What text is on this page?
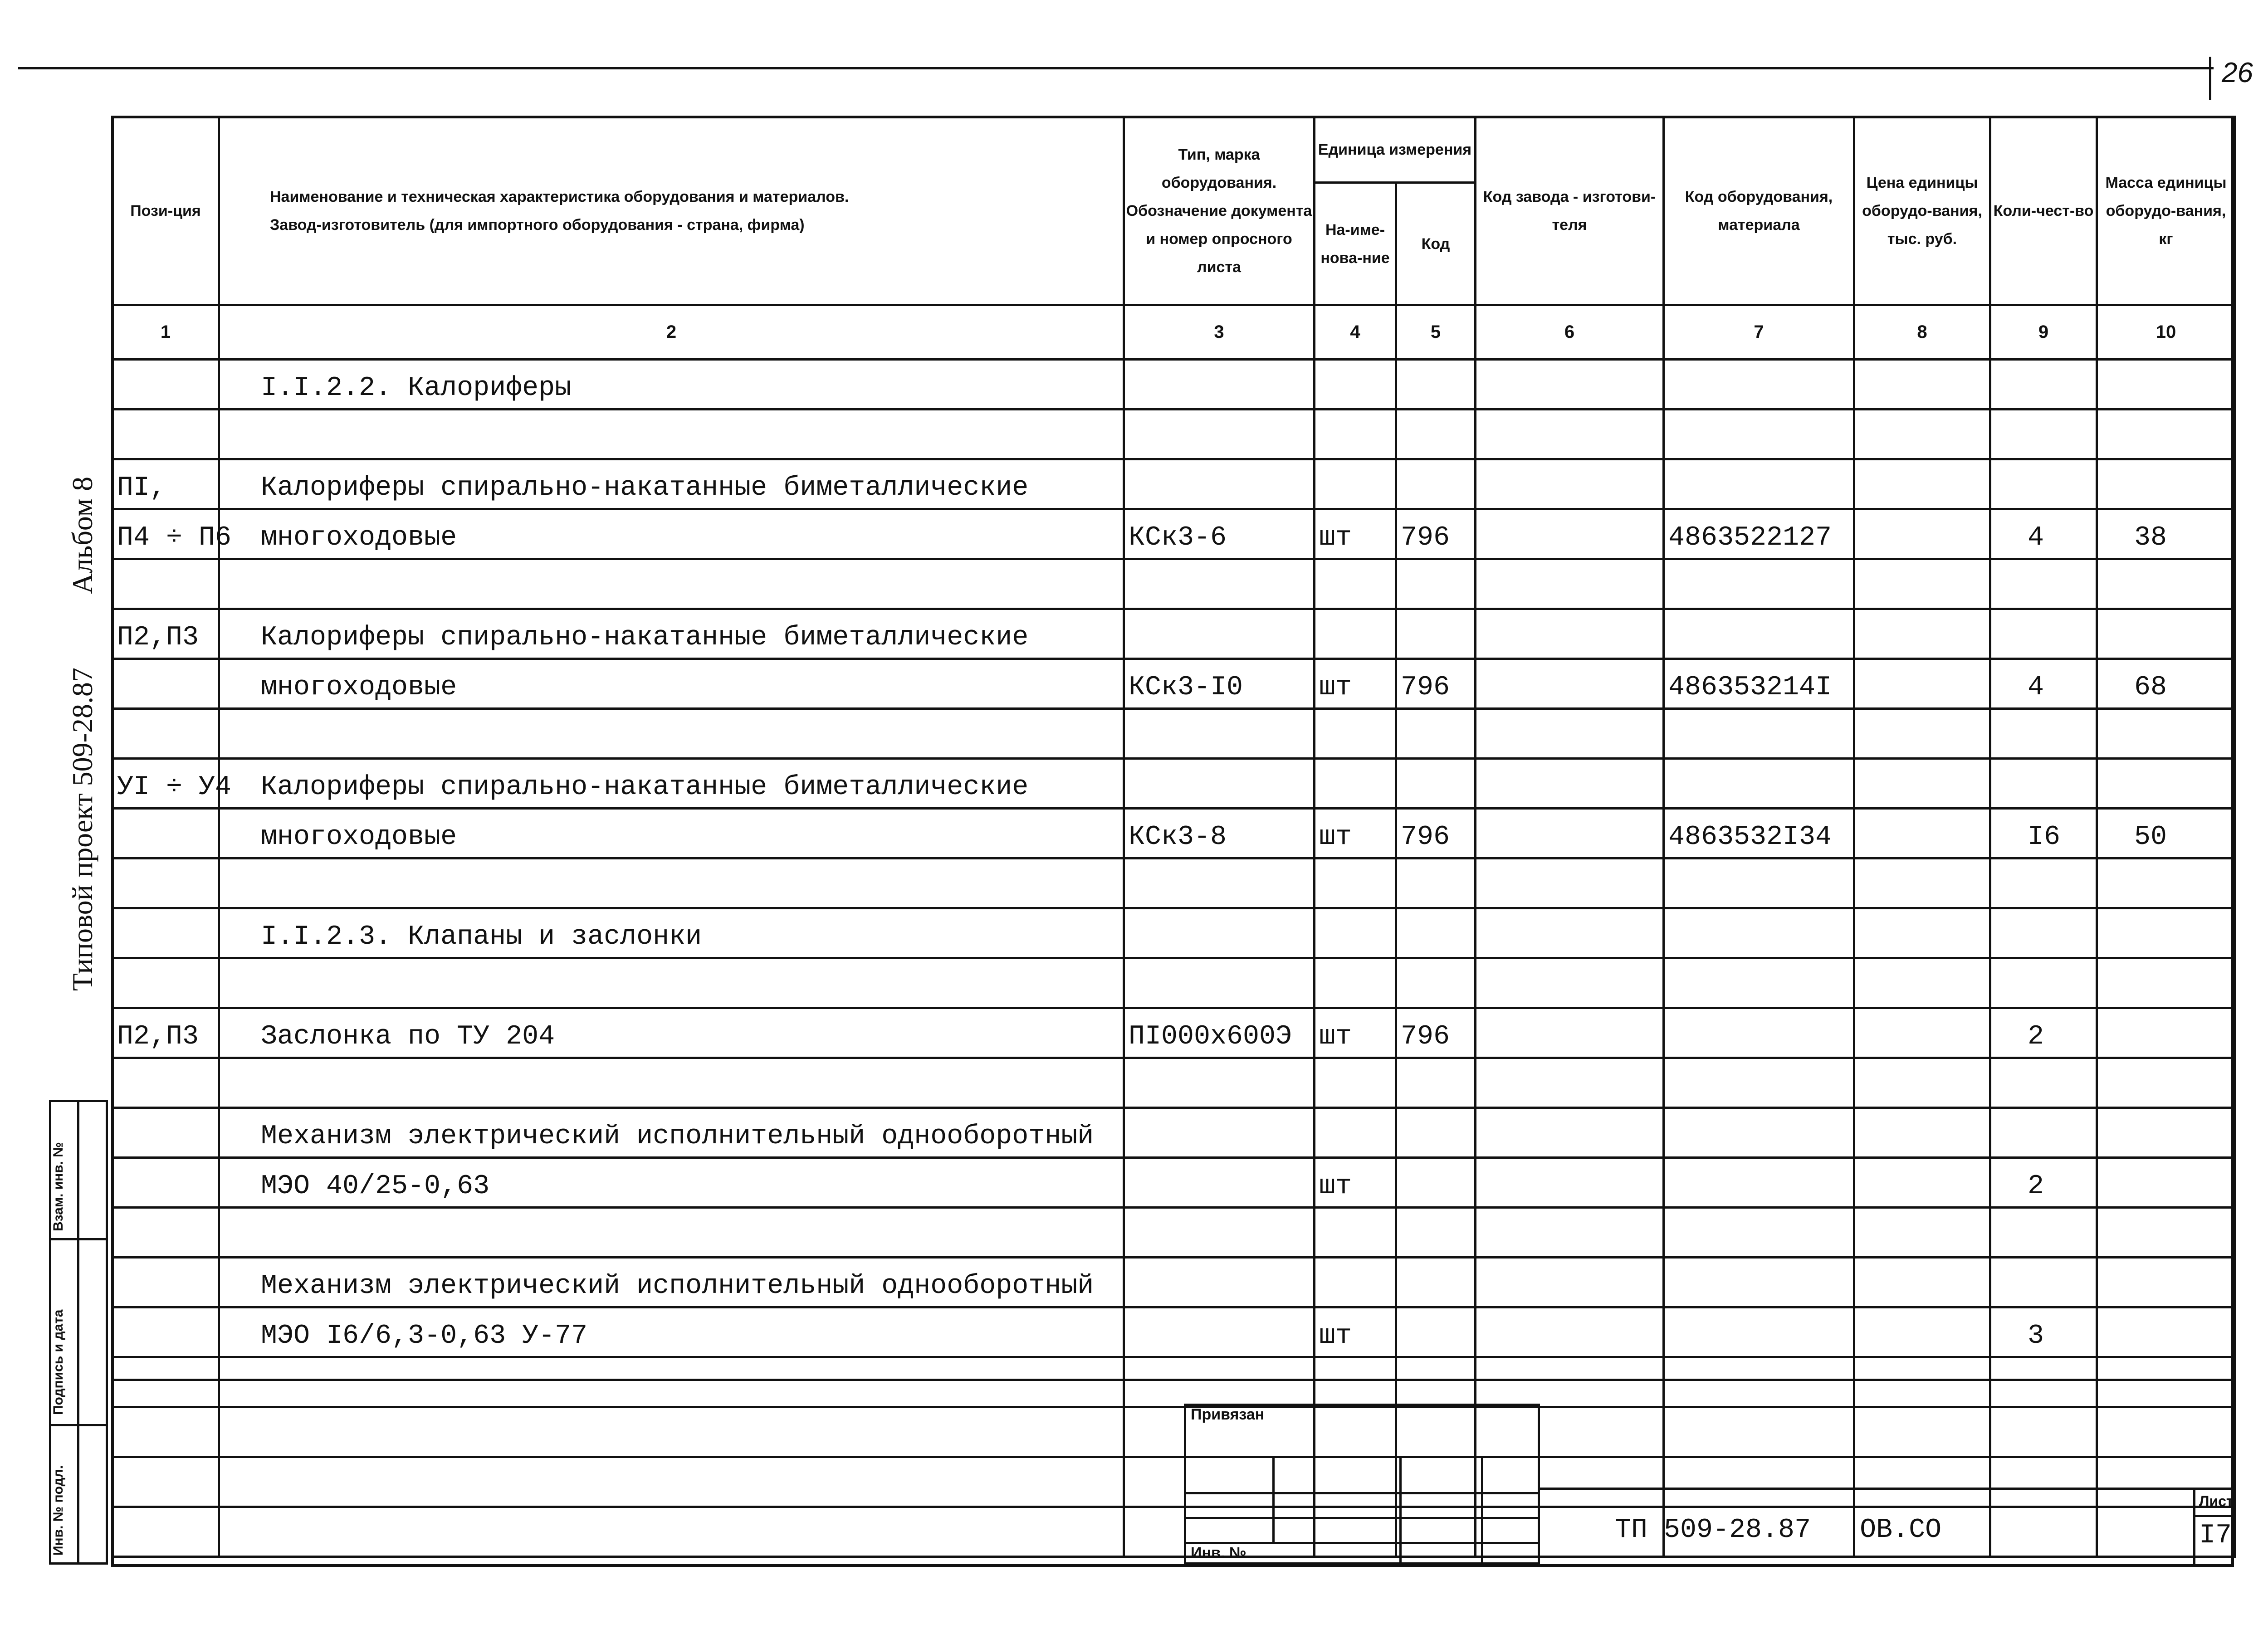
26
Типовой проект 509-28.87
Альбом 8
Взам. инв. №
Подпись и дата
Инв. № подл.
Пози-ция	Наименование и техническая характеристика оборудования и материалов.
Завод-изготовитель (для импортного оборудования - страна, фирма)	Тип, марка оборудования. Обозначение документа и номер опросного листа	Единица измерения		Код завода - изготови-теля	Код оборудования, материала	Цена единицы оборудо-вания, тыс. руб.	Коли-чест-во	Масса единицы оборудо-вания, кг
			На-име-нова-ние	Код					
1	2	3	4	5	6	7	8	9	10
	I.I.2.2. Калориферы								

ПI,	Калориферы спирально-накатанные биметаллические								
П4 ÷ П6	многоходовые	КСк3-6	шт	796		4863522127		4	38

П2,П3	Калориферы спирально-накатанные биметаллические								
	многоходовые	КСк3-I0	шт	796		486353214I		4	68

УI ÷ У4	Калориферы спирально-накатанные биметаллические								
	многоходовые	КСк3-8	шт	796		4863532I34		I6	50

	I.I.2.3. Клапаны и заслонки								

П2,П3	Заслонка по ТУ 204	ПI000x600Э	шт	796				2	

	Механизм электрический исполнительный однооборотный								
	МЭО 40/25-0,63		шт					2	

	Механизм электрический исполнительный однооборотный								
	МЭО I6/6,3-0,63 У-77		шт					3	

Привязан
Инв. №
ТП 509-28.87   ОВ.СО
Лист
I7
